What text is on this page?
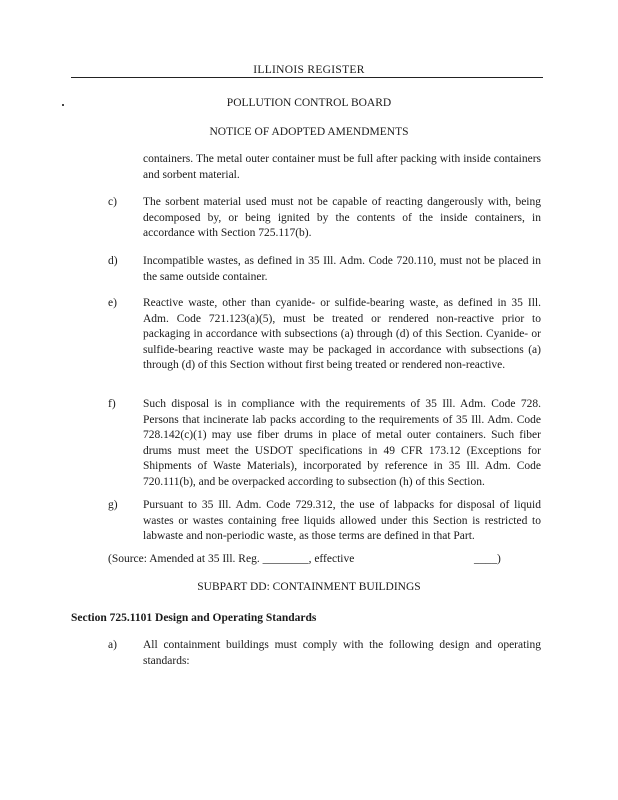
ILLINOIS REGISTER
POLLUTION CONTROL BOARD
NOTICE OF ADOPTED AMENDMENTS
containers. The metal outer container must be full after packing with inside containers and sorbent material.
c) The sorbent material used must not be capable of reacting dangerously with, being decomposed by, or being ignited by the contents of the inside containers, in accordance with Section 725.117(b).
d) Incompatible wastes, as defined in 35 Ill. Adm. Code 720.110, must not be placed in the same outside container.
e) Reactive waste, other than cyanide- or sulfide-bearing waste, as defined in 35 Ill. Adm. Code 721.123(a)(5), must be treated or rendered non-reactive prior to packaging in accordance with subsections (a) through (d) of this Section. Cyanide- or sulfide-bearing reactive waste may be packaged in accordance with subsections (a) through (d) of this Section without first being treated or rendered non-reactive.
f) Such disposal is in compliance with the requirements of 35 Ill. Adm. Code 728. Persons that incinerate lab packs according to the requirements of 35 Ill. Adm. Code 728.142(c)(1) may use fiber drums in place of metal outer containers. Such fiber drums must meet the USDOT specifications in 49 CFR 173.12 (Exceptions for Shipments of Waste Materials), incorporated by reference in 35 Ill. Adm. Code 720.111(b), and be overpacked according to subsection (h) of this Section.
g) Pursuant to 35 Ill. Adm. Code 729.312, the use of labpacks for disposal of liquid wastes or wastes containing free liquids allowed under this Section is restricted to labwaste and non-periodic waste, as those terms are defined in that Part.
(Source: Amended at 35 Ill. Reg. ________, effective	____)
SUBPART DD: CONTAINMENT BUILDINGS
Section 725.1101 Design and Operating Standards
a) All containment buildings must comply with the following design and operating standards:
